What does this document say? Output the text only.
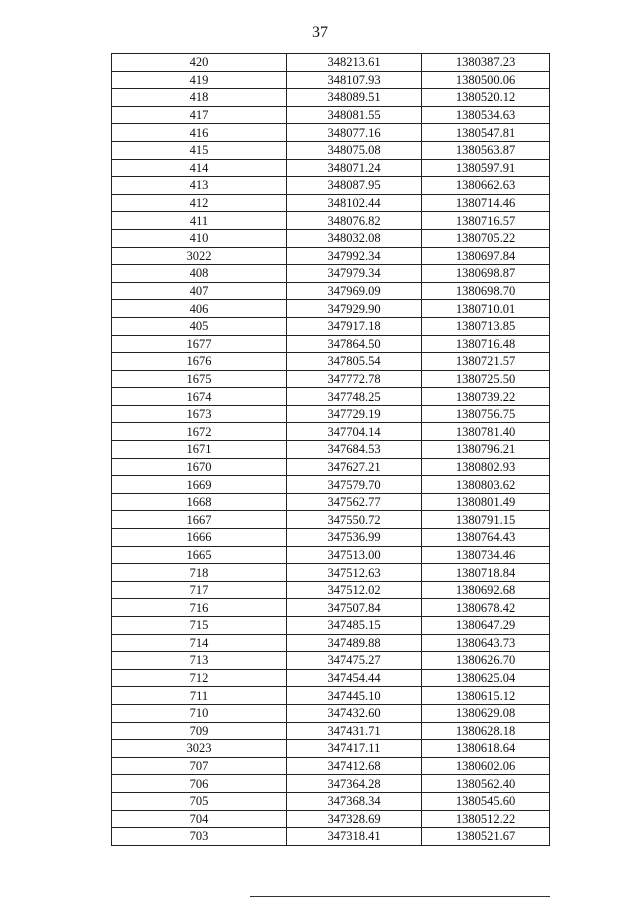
37
420	348213.61	1380387.23
419	348107.93	1380500.06
418	348089.51	1380520.12
417	348081.55	1380534.63
416	348077.16	1380547.81
415	348075.08	1380563.87
414	348071.24	1380597.91
413	348087.95	1380662.63
412	348102.44	1380714.46
411	348076.82	1380716.57
410	348032.08	1380705.22
3022	347992.34	1380697.84
408	347979.34	1380698.87
407	347969.09	1380698.70
406	347929.90	1380710.01
405	347917.18	1380713.85
1677	347864.50	1380716.48
1676	347805.54	1380721.57
1675	347772.78	1380725.50
1674	347748.25	1380739.22
1673	347729.19	1380756.75
1672	347704.14	1380781.40
1671	347684.53	1380796.21
1670	347627.21	1380802.93
1669	347579.70	1380803.62
1668	347562.77	1380801.49
1667	347550.72	1380791.15
1666	347536.99	1380764.43
1665	347513.00	1380734.46
718	347512.63	1380718.84
717	347512.02	1380692.68
716	347507.84	1380678.42
715	347485.15	1380647.29
714	347489.88	1380643.73
713	347475.27	1380626.70
712	347454.44	1380625.04
711	347445.10	1380615.12
710	347432.60	1380629.08
709	347431.71	1380628.18
3023	347417.11	1380618.64
707	347412.68	1380602.06
706	347364.28	1380562.40
705	347368.34	1380545.60
704	347328.69	1380512.22
703	347318.41	1380521.67
